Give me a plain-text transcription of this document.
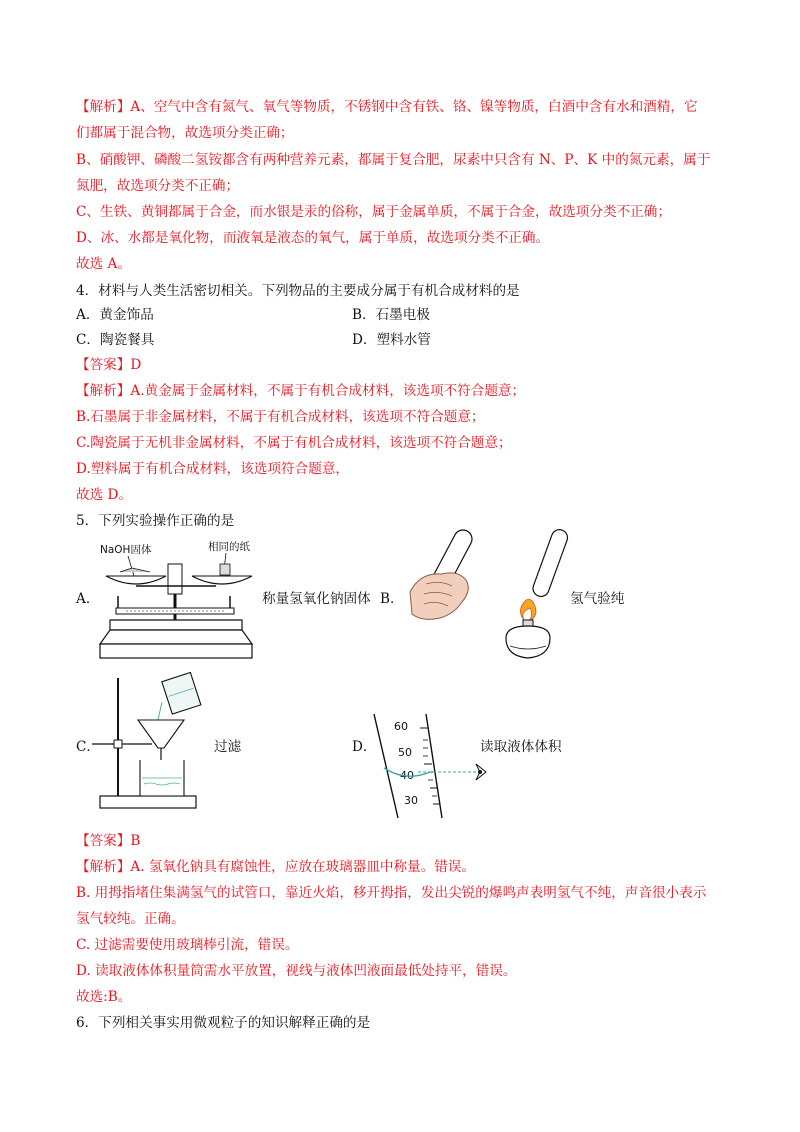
【解析】A、空气中含有氮气、氧气等物质，不锈钢中含有铁、铬、镍等物质，白酒中含有水和酒精，它
们都属于混合物，故选项分类正确；
B、硝酸钾、磷酸二氢铵都含有两种营养元素，都属于复合肥，尿素中只含有 N、P、K 中的氮元素，属于
氮肥，故选项分类不正确；
C、生铁、黄铜都属于合金，而水银是汞的俗称，属于金属单质，不属于合金，故选项分类不正确；
D、冰、水都是氧化物，而液氧是液态的氧气，属于单质，故选项分类不正确。
故选 A。
4．材料与人类生活密切相关。下列物品的主要成分属于有机合成材料的是
A．黄金饰品	B．石墨电极
C．陶瓷餐具	D．塑料水管
【答案】D
【解析】A.黄金属于金属材料，不属于有机合成材料，该选项不符合题意；
B.石墨属于非金属材料，不属于有机合成材料，该选项不符合题意；
C.陶瓷属于无机非金属材料，不属于有机合成材料，该选项不符合题意；
D.塑料属于有机合成材料，该选项符合题意，
故选 D。
5．下列实验操作正确的是
A．
NaOH固体	相同的纸
称量氢氧化钠固体 B．	氢气验纯
C．	过滤	D．
60
50
40
30
读取液体体积
【答案】B
【解析】A. 氢氧化钠具有腐蚀性，应放在玻璃器皿中称量。错误。
B. 用拇指堵住集满氢气的试管口，靠近火焰，移开拇指，发出尖锐的爆鸣声表明氢气不纯，声音很小表示
氢气较纯。正确。
C. 过滤需要使用玻璃棒引流，错误。
D. 读取液体体积量筒需水平放置，视线与液体凹液面最低处持平，错误。
故选:B。
6．下列相关事实用微观粒子的知识解释正确的是
